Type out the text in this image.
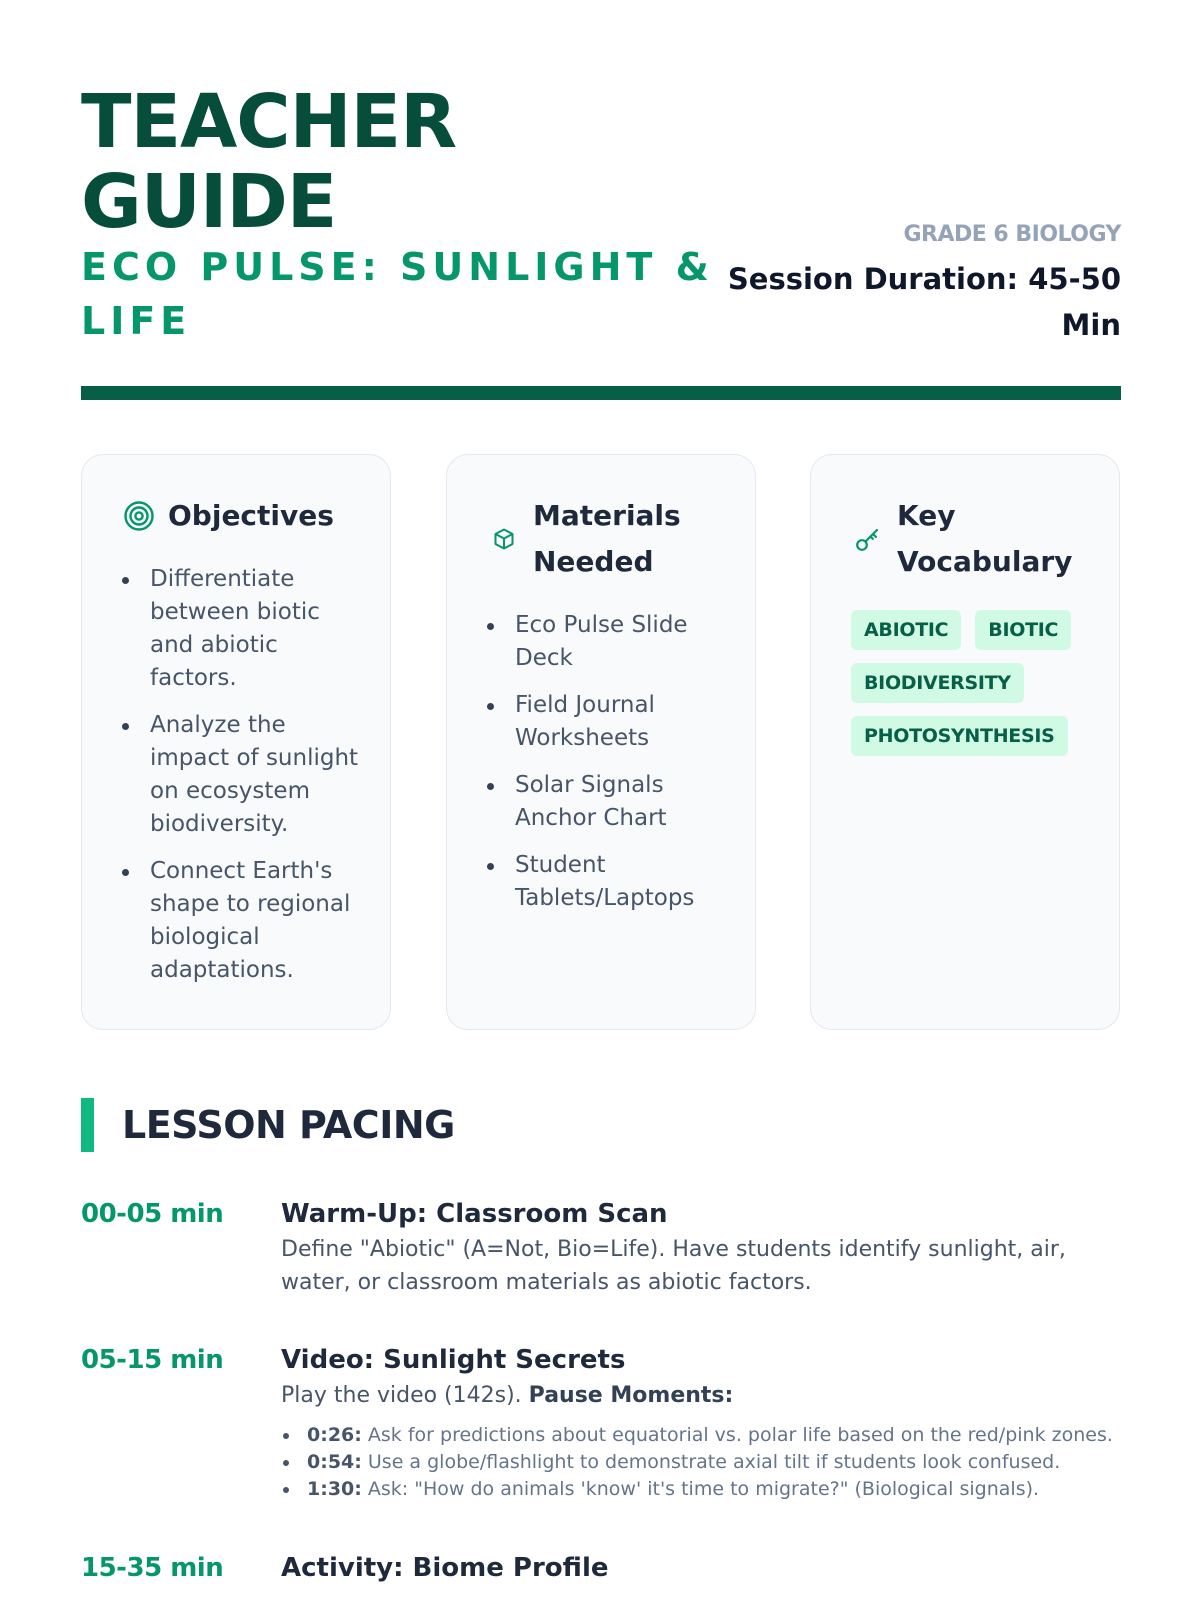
TEACHER
GUIDE
ECO PULSE: SUNLIGHT &
LIFE
GRADE 6 BIOLOGY
Session Duration: 45-50
Min
Objectives
Differentiate between biotic and abiotic factors.
Analyze the impact of sunlight on ecosystem biodiversity.
Connect Earth's shape to regional biological adaptations.
Materials
Needed
Eco Pulse Slide Deck
Field Journal Worksheets
Solar Signals Anchor Chart
Student Tablets/Laptops
Key
Vocabulary
ABIOTIC	BIOTIC
BIODIVERSITY
PHOTOSYNTHESIS
LESSON PACING
00-05 min	Warm-Up: Classroom Scan
Define "Abiotic" (A=Not, Bio=Life). Have students identify sunlight, air, water, or classroom materials as abiotic factors.
05-15 min	Video: Sunlight Secrets
Play the video (142s). Pause Moments:
0:26: Ask for predictions about equatorial vs. polar life based on the red/pink zones.
0:54: Use a globe/flashlight to demonstrate axial tilt if students look confused.
1:30: Ask: "How do animals 'know' it's time to migrate?" (Biological signals).
15-35 min	Activity: Biome Profile
